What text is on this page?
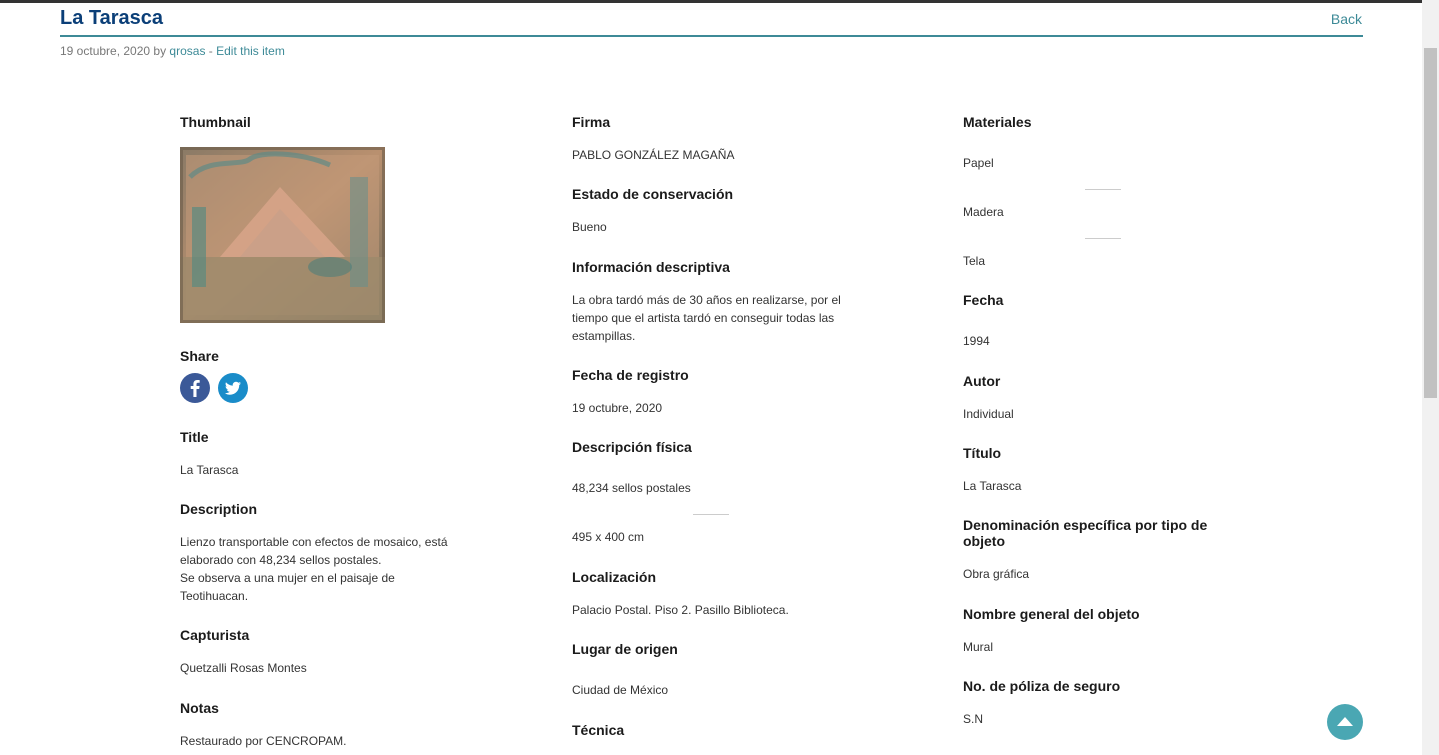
La Tarasca	Back
19 octubre, 2020 by qrosas - Edit this item
Thumbnail
Share
Title
La Tarasca
Description
Lienzo transportable con efectos de mosaico, está
elaborado con 48,234 sellos postales.
Se observa a una mujer en el paisaje de
Teotihuacan.
Capturista
Quetzalli Rosas Montes
Notas
Restaurado por CENCROPAM.
Firma
PABLO GONZÁLEZ MAGAÑA
Estado de conservación
Bueno
Información descriptiva
La obra tardó más de 30 años en realizarse, por el
tiempo que el artista tardó en conseguir todas las
estampillas.
Fecha de registro
19 octubre, 2020
Descripción física
48,234 sellos postales
495 x 400 cm
Localización
Palacio Postal. Piso 2. Pasillo Biblioteca.
Lugar de origen
Ciudad de México
Técnica
Materiales
Papel
Madera
Tela
Fecha
1994
Autor
Individual
Título
La Tarasca
Denominación específica por tipo de objeto
Obra gráfica
Nombre general del objeto
Mural
No. de póliza de seguro
S.N
